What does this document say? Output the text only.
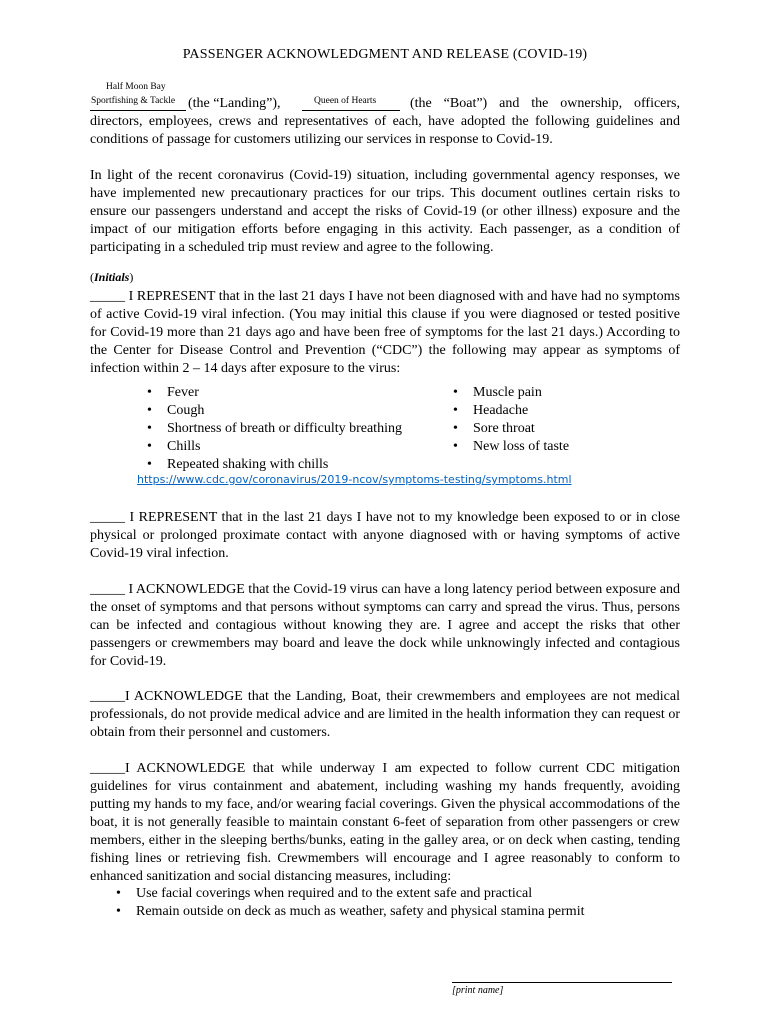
PASSENGER ACKNOWLEDGMENT AND RELEASE (COVID-19)
Half Moon Bay
Sportfishing & Tackle (the “Landing”),	Queen of Hearts (the “Boat”) and the ownership, officers,
directors, employees, crews and representatives of each, have adopted the following guidelines and conditions of passage for customers utilizing our services in response to Covid-19.
In light of the recent coronavirus (Covid-19) situation, including governmental agency responses, we have implemented new precautionary practices for our trips. This document outlines certain risks to ensure our passengers understand and accept the risks of Covid-19 (or other illness) exposure and the impact of our mitigation efforts before engaging in this activity. Each passenger, as a condition of participating in a scheduled trip must review and agree to the following.
(Initials)
_____ I REPRESENT that in the last 21 days I have not been diagnosed with and have had no symptoms of active Covid-19 viral infection. (You may initial this clause if you were diagnosed or tested positive for Covid-19 more than 21 days ago and have been free of symptoms for the last 21 days.) According to the Center for Disease Control and Prevention (“CDC”) the following may appear as symptoms of infection within 2 – 14 days after exposure to the virus:
• Fever
• Cough
• Shortness of breath or difficulty breathing
• Chills
• Repeated shaking with chills
• Muscle pain
• Headache
• Sore throat
• New loss of taste
https://www.cdc.gov/coronavirus/2019-ncov/symptoms-testing/symptoms.html
_____ I REPRESENT that in the last 21 days I have not to my knowledge been exposed to or in close physical or prolonged proximate contact with anyone diagnosed with or having symptoms of active Covid-19 viral infection.
_____ I ACKNOWLEDGE that the Covid-19 virus can have a long latency period between exposure and the onset of symptoms and that persons without symptoms can carry and spread the virus. Thus, persons can be infected and contagious without knowing they are. I agree and accept the risks that other passengers or crewmembers may board and leave the dock while unknowingly infected and contagious for Covid-19.
_____I ACKNOWLEDGE that the Landing, Boat, their crewmembers and employees are not medical professionals, do not provide medical advice and are limited in the health information they can request or obtain from their personnel and customers.
_____I ACKNOWLEDGE that while underway I am expected to follow current CDC mitigation guidelines for virus containment and abatement, including washing my hands frequently, avoiding putting my hands to my face, and/or wearing facial coverings. Given the physical accommodations of the boat, it is not generally feasible to maintain constant 6-feet of separation from other passengers or crew members, either in the sleeping berths/bunks, eating in the galley area, or on deck when casting, tending fishing lines or retrieving fish. Crewmembers will encourage and I agree reasonably to conform to enhanced sanitization and social distancing measures, including:
• Use facial coverings when required and to the extent safe and practical
• Remain outside on deck as much as weather, safety and physical stamina permit
[print name]
